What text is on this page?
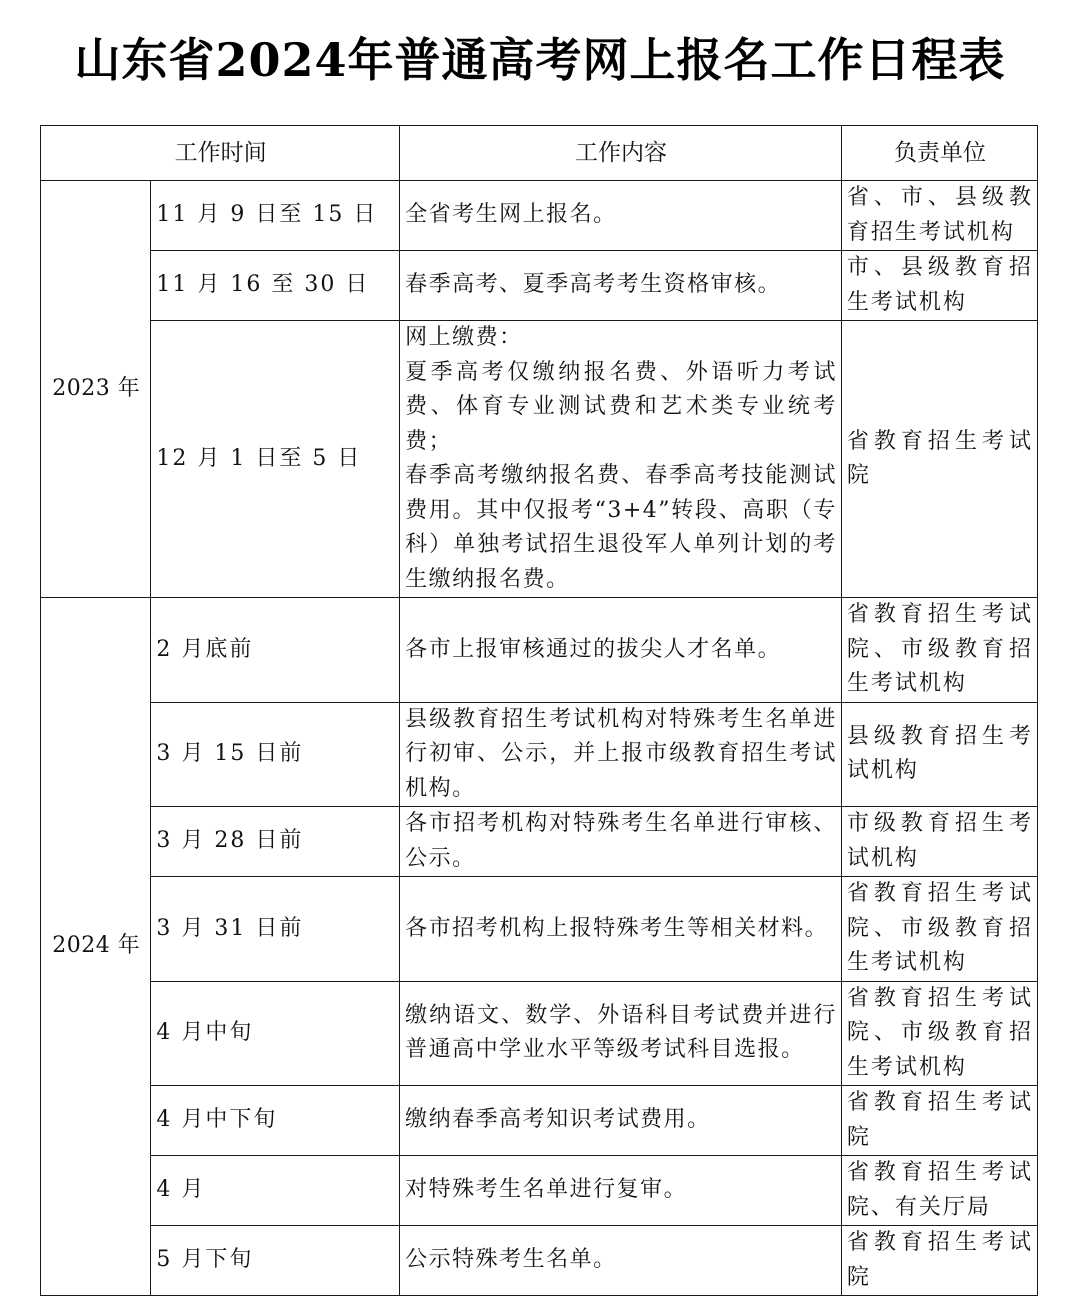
山东省2024年普通高考网上报名工作日程表
工作时间		工作内容	负责单位
2023 年	11 月 9 日至 15 日	全省考生网上报名。	省、市、县级教育招生考试机构
	11 月 16 至 30 日	春季高考、夏季高考考生资格审核。	市、县级教育招生考试机构
	12 月 1 日至 5 日	网上缴费：
夏季高考仅缴纳报名费、外语听力考试费、体育专业测试费和艺术类专业统考费；
春季高考缴纳报名费、春季高考技能测试费用。其中仅报考“3+4”转段、高职（专科）单独考试招生退役军人单列计划的考生缴纳报名费。	省教育招生考试院
2024 年	2 月底前	各市上报审核通过的拔尖人才名单。	省教育招生考试院、市级教育招生考试机构
	3 月 15 日前	县级教育招生考试机构对特殊考生名单进行初审、公示，并上报市级教育招生考试机构。	县级教育招生考试机构
	3 月 28 日前	各市招考机构对特殊考生名单进行审核、公示。	市级教育招生考试机构
	3 月 31 日前	各市招考机构上报特殊考生等相关材料。	省教育招生考试院、市级教育招生考试机构
	4 月中旬	缴纳语文、数学、外语科目考试费并进行普通高中学业水平等级考试科目选报。	省教育招生考试院、市级教育招生考试机构
	4 月中下旬	缴纳春季高考知识考试费用。	省教育招生考试院
	4 月	对特殊考生名单进行复审。	省教育招生考试院、有关厅局
	5 月下旬	公示特殊考生名单。	省教育招生考试院
